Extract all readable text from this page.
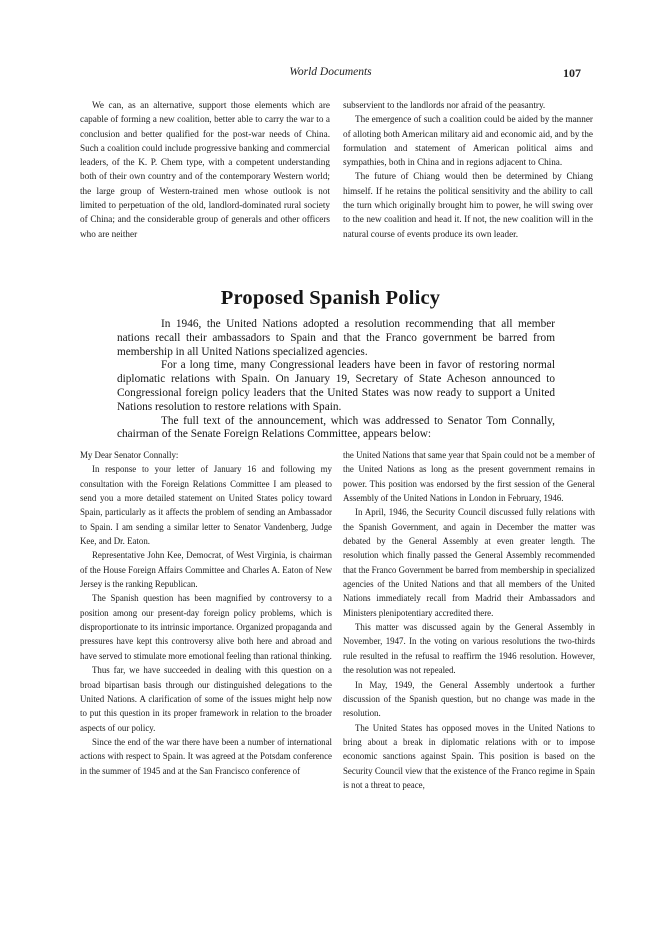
World Documents	107

We can, as an alternative, support those elements which are capable of forming a new coalition, better able to carry the war to a conclusion and better qualified for the post-war needs of China. Such a coalition could include progressive banking and commercial leaders, of the K. P. Chem type, with a competent understanding both of their own country and of the contemporary Western world; the large group of Western-trained men whose outlook is not limited to perpetuation of the old, landlord-dominated rural society of China; and the considerable group of generals and other officers who are neither

subservient to the landlords nor afraid of the peasantry.

The emergence of such a coalition could be aided by the manner of alloting both American military aid and economic aid, and by the formulation and statement of American political aims and sympathies, both in China and in regions adjacent to China.

The future of Chiang would then be determined by Chiang himself. If he retains the political sensitivity and the ability to call the turn which originally brought him to power, he will swing over to the new coalition and head it. If not, the new coalition will in the natural course of events produce its own leader.

Proposed Spanish Policy

In 1946, the United Nations adopted a resolution recommending that all member nations recall their ambassadors to Spain and that the Franco government be barred from membership in all United Nations specialized agencies.

For a long time, many Congressional leaders have been in favor of restoring normal diplomatic relations with Spain. On January 19, Secretary of State Acheson announced to Congressional foreign policy leaders that the United States was now ready to support a United Nations resolution to restore relations with Spain.

The full text of the announcement, which was addressed to Senator Tom Connally, chairman of the Senate Foreign Relations Committee, appears below:

My Dear Senator Connally:

In response to your letter of January 16 and following my consultation with the Foreign Relations Committee I am pleased to send you a more detailed statement on United States policy toward Spain, particularly as it affects the problem of sending an Ambassador to Spain. I am sending a similar letter to Senator Vandenberg, Judge Kee, and Dr. Eaton.

Representative John Kee, Democrat, of West Virginia, is chairman of the House Foreign Affairs Committee and Charles A. Eaton of New Jersey is the ranking Republican.

The Spanish question has been magnified by controversy to a position among our present-day foreign policy problems, which is disproportionate to its intrinsic importance. Organized propaganda and pressures have kept this controversy alive both here and abroad and have served to stimulate more emotional feeling than rational thinking.

Thus far, we have succeeded in dealing with this question on a broad bipartisan basis through our distinguished delegations to the United Nations. A clarification of some of the issues might help now to put this question in its proper framework in relation to the broader aspects of our policy.

Since the end of the war there have been a number of international actions with respect to Spain. It was agreed at the Potsdam conference in the summer of 1945 and at the San Francisco conference of

the United Nations that same year that Spain could not be a member of the United Nations as long as the present government remains in power. This position was endorsed by the first session of the General Assembly of the United Nations in London in February, 1946.

In April, 1946, the Security Council discussed fully relations with the Spanish Government, and again in December the matter was debated by the General Assembly at even greater length. The resolution which finally passed the General Assembly recommended that the Franco Government be barred from membership in specialized agencies of the United Nations and that all members of the United Nations immediately recall from Madrid their Ambassadors and Ministers plenipotentiary accredited there.

This matter was discussed again by the General Assembly in November, 1947. In the voting on various resolutions the two-thirds rule resulted in the refusal to reaffirm the 1946 resolution. However, the resolution was not repealed.

In May, 1949, the General Assembly undertook a further discussion of the Spanish question, but no change was made in the resolution.

The United States has opposed moves in the United Nations to bring about a break in diplomatic relations with or to impose economic sanctions against Spain. This position is based on the Security Council view that the existence of the Franco regime in Spain is not a threat to peace,
